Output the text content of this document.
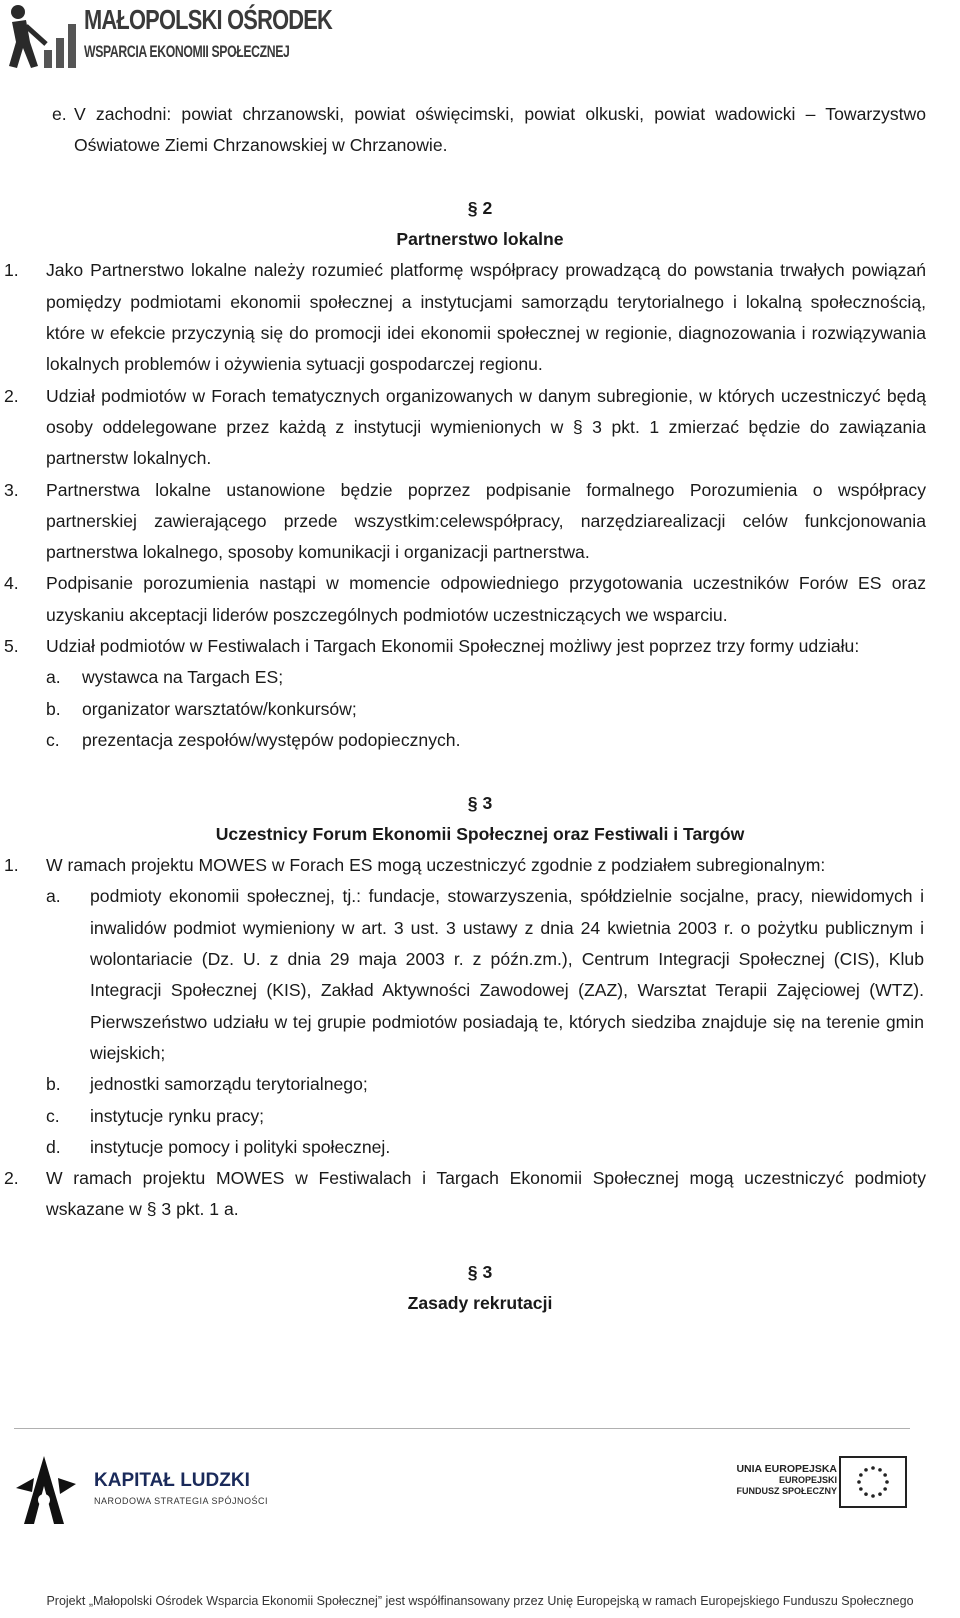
MAŁOPOLSKI OŚRODEK
WSPARCIA EKONOMII SPOŁECZNEJ
e. V zachodni: powiat chrzanowski, powiat oświęcimski, powiat olkuski, powiat wadowicki – Towarzystwo Oświatowe Ziemi Chrzanowskiej w Chrzanowie.
§ 2
Partnerstwo lokalne
1. Jako Partnerstwo lokalne należy rozumieć platformę współpracy prowadzącą do powstania trwałych powiązań pomiędzy podmiotami ekonomii społecznej a instytucjami samorządu terytorialnego i lokalną społecznością, które w efekcie przyczynią się do promocji idei ekonomii społecznej w regionie, diagnozowania i rozwiązywania lokalnych problemów i ożywienia sytuacji gospodarczej regionu.
2. Udział podmiotów w Forach tematycznych organizowanych w danym subregionie, w których uczestniczyć będą osoby oddelegowane przez każdą z instytucji wymienionych w § 3 pkt. 1 zmierzać będzie do zawiązania partnerstw lokalnych.
3. Partnerstwa lokalne ustanowione będzie poprzez podpisanie formalnego Porozumienia o współpracy partnerskiej zawierającego przede wszystkim:celewspółpracy, narzędziarealizacji celów funkcjonowania partnerstwa lokalnego, sposoby komunikacji i organizacji partnerstwa.
4. Podpisanie porozumienia nastąpi w momencie odpowiedniego przygotowania uczestników Forów ES oraz uzyskaniu akceptacji liderów poszczególnych podmiotów uczestniczących we wsparciu.
5. Udział podmiotów w Festiwalach i Targach Ekonomii Społecznej możliwy jest poprzez trzy formy udziału:
a. wystawca na Targach ES;
b. organizator warsztatów/konkursów;
c. prezentacja zespołów/występów podopiecznych.
§ 3
Uczestnicy Forum Ekonomii Społecznej oraz Festiwali i Targów
1. W ramach projektu MOWES w Forach ES mogą uczestniczyć zgodnie z podziałem subregionalnym:
a. podmioty ekonomii społecznej, tj.: fundacje, stowarzyszenia, spółdzielnie socjalne, pracy, niewidomych i inwalidów podmiot wymieniony w art. 3 ust. 3 ustawy z dnia 24 kwietnia 2003 r. o pożytku publicznym i wolontariacie (Dz. U. z dnia 29 maja 2003 r. z późn.zm.), Centrum Integracji Społecznej (CIS), Klub Integracji Społecznej (KIS), Zakład Aktywności Zawodowej (ZAZ), Warsztat Terapii Zajęciowej (WTZ). Pierwszeństwo udziału w tej grupie podmiotów posiadają te, których siedziba znajduje się na terenie gmin wiejskich;
b. jednostki samorządu terytorialnego;
c. instytucje rynku pracy;
d. instytucje pomocy i polityki społecznej.
2. W ramach projektu MOWES w Festiwalach i Targach Ekonomii Społecznej mogą uczestniczyć podmioty wskazane w § 3 pkt. 1 a.
§ 3
Zasady rekrutacji
KAPITAŁ LUDZKI
NARODOWA STRATEGIA SPÓJNOŚCI
UNIA EUROPEJSKA
EUROPEJSKI
FUNDUSZ SPOŁECZNY
Projekt „Małopolski Ośrodek Wsparcia Ekonomii Społecznej” jest współfinansowany przez Unię Europejską w ramach Europejskiego Funduszu Społecznego
